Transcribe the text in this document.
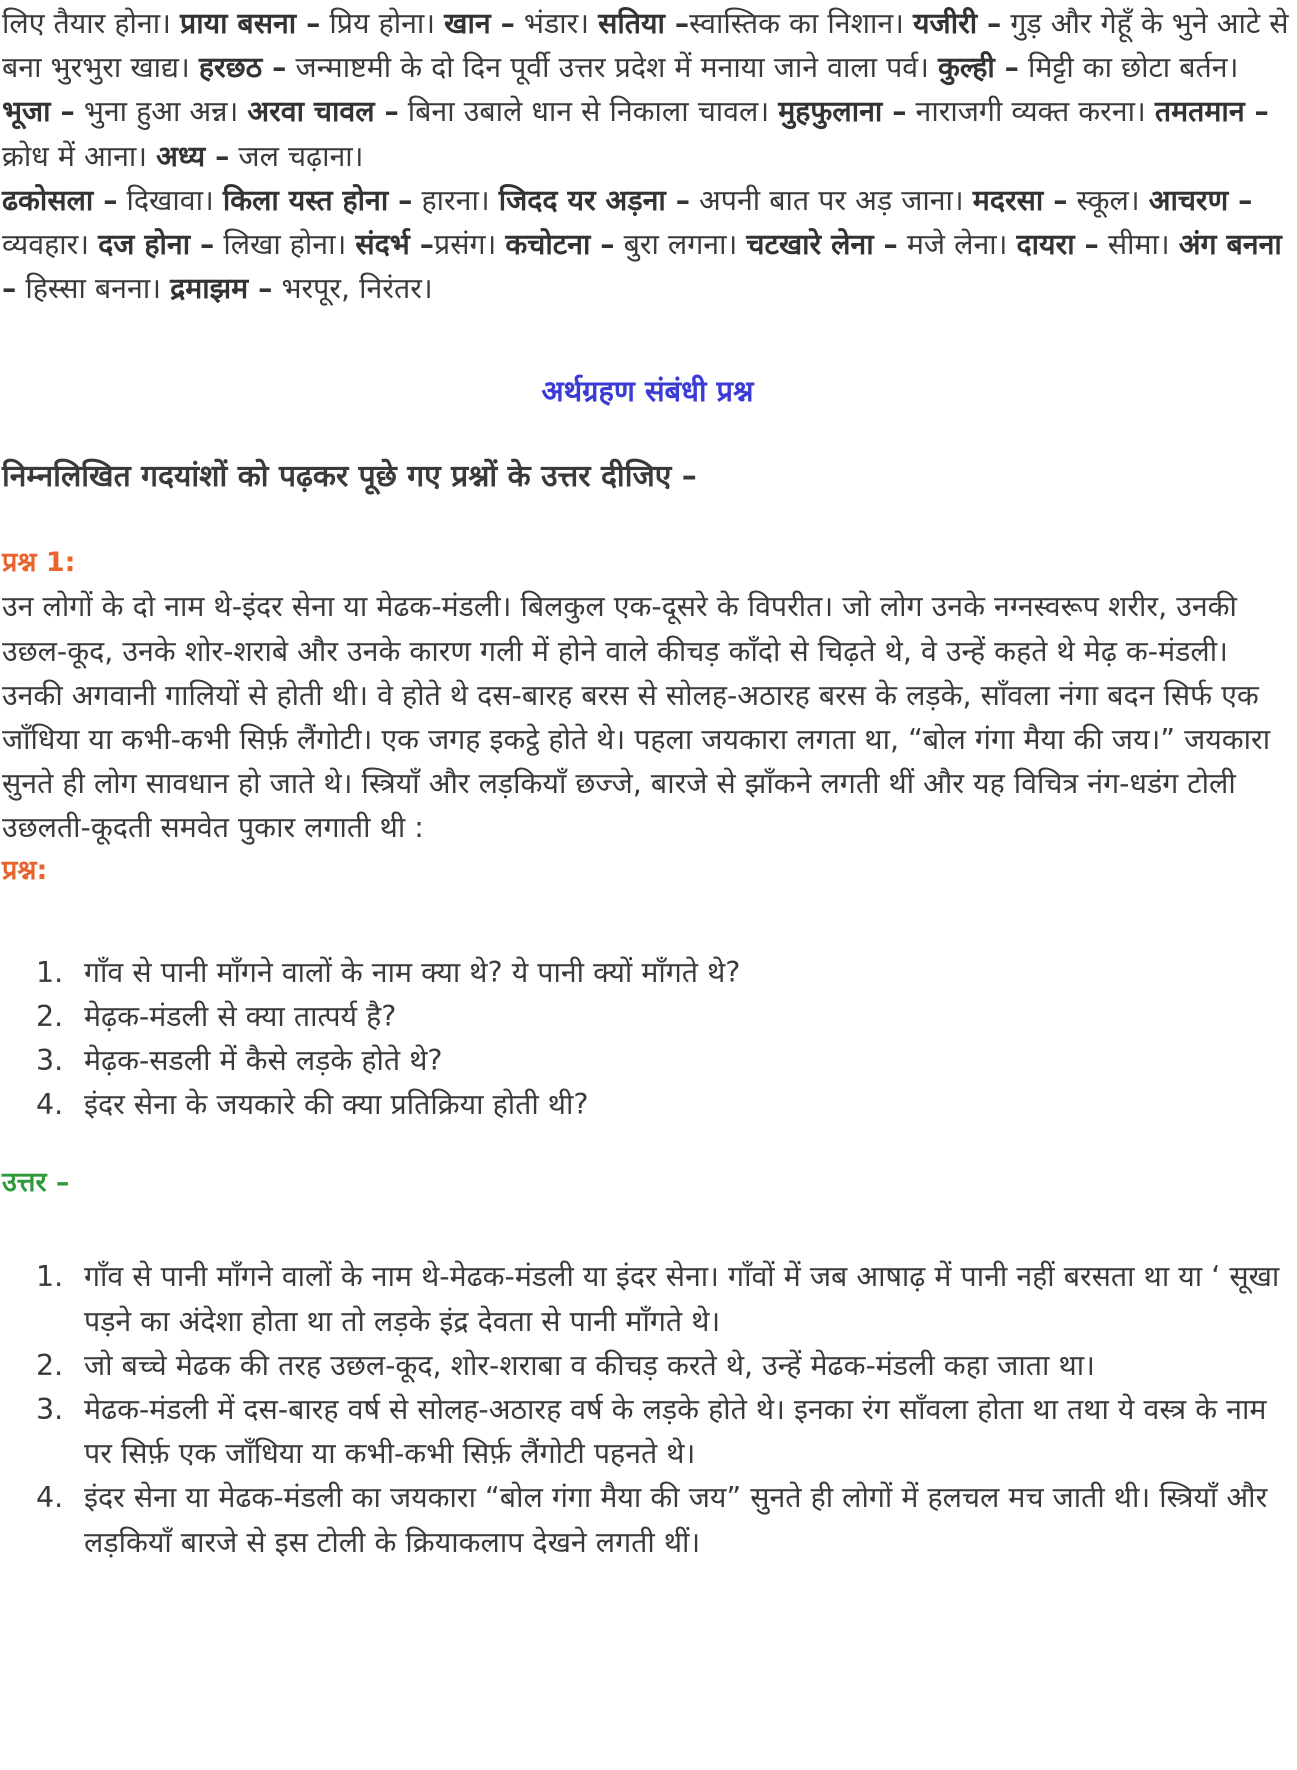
लिए तैयार होना। प्राया बसना – प्रिय होना। खान – भंडार। सतिया –स्वास्तिक का निशान। यजीरी – गुड़ और गेहूँ के भुने आटे से बना भुरभुरा खाद्य। हरछठ – जन्माष्टमी के दो दिन पूर्वी उत्तर प्रदेश में मनाया जाने वाला पर्व। कुल्ही – मिट्टी का छोटा बर्तन। भूजा – भुना हुआ अन्न। अरवा चावल – बिना उबाले धान से निकाला चावल। मुहफुलाना – नाराजगी व्यक्त करना। तमतमान – क्रोध में आना। अध्य – जल चढ़ाना।

ढकोसला – दिखावा। किला यस्त होना – हारना। जिदद यर अड़ना – अपनी बात पर अड़ जाना। मदरसा – स्कूल। आचरण – व्यवहार। दज होना – लिखा होना। संदर्भ –प्रसंग। कचोटना – बुरा लगना। चटखारे लेना – मजे लेना। दायरा – सीमा। अंग बनना – हिस्सा बनना। द्रमाझम – भरपूर, निरंतर।

अर्थग्रहण संबंधी प्रश्न

निम्नलिखित गदयांशों को पढ़कर पूछे गए प्रश्नों के उत्तर दीजिए –

प्रश्न 1:

उन लोगों के दो नाम थे-इंदर सेना या मेढक-मंडली। बिलकुल एक-दूसरे के विपरीत। जो लोग उनके नग्नस्वरूप शरीर, उनकी उछल-कूद, उनके शोर-शराबे और उनके कारण गली में होने वाले कीचड़ काँदो से चिढ़ते थे, वे उन्हें कहते थे मेढ़ क-मंडली। उनकी अगवानी गालियों से होती थी। वे होते थे दस-बारह बरस से सोलह-अठारह बरस के लड़के, साँवला नंगा बदन सिर्फ एक जाँधिया या कभी-कभी सिर्फ़ लैंगोटी। एक जगह इकट्ठे होते थे। पहला जयकारा लगता था, “बोल गंगा मैया की जय।” जयकारा सुनते ही लोग सावधान हो जाते थे। स्त्रियाँ और लड़कियाँ छज्जे, बारजे से झाँकने लगती थीं और यह विचित्र नंग-धडंग टोली उछलती-कूदती समवेत पुकार लगाती थी :

प्रश्न:

1. गाँव से पानी माँगने वालों के नाम क्या थे? ये पानी क्यों माँगते थे?
2. मेढ़क-मंडली से क्या तात्पर्य है?
3. मेढ़क-सडली में कैसे लड़के होते थे?
4. इंदर सेना के जयकारे की क्या प्रतिक्रिया होती थी?

उत्तर –

1. गाँव से पानी माँगने वालों के नाम थे-मेढक-मंडली या इंदर सेना। गाँवों में जब आषाढ़ में पानी नहीं बरसता था या ‘ सूखा पड़ने का अंदेशा होता था तो लड़के इंद्र देवता से पानी माँगते थे।
2. जो बच्चे मेढक की तरह उछल-कूद, शोर-शराबा व कीचड़ करते थे, उन्हें मेढक-मंडली कहा जाता था।
3. मेढक-मंडली में दस-बारह वर्ष से सोलह-अठारह वर्ष के लड़के होते थे। इनका रंग साँवला होता था तथा ये वस्त्र के नाम पर सिर्फ़ एक जाँधिया या कभी-कभी सिर्फ़ लैंगोटी पहनते थे।
4. इंदर सेना या मेढक-मंडली का जयकारा “बोल गंगा मैया की जय” सुनते ही लोगों में हलचल मच जाती थी। स्त्रियाँ और लड़कियाँ बारजे से इस टोली के क्रियाकलाप देखने लगती थीं।
